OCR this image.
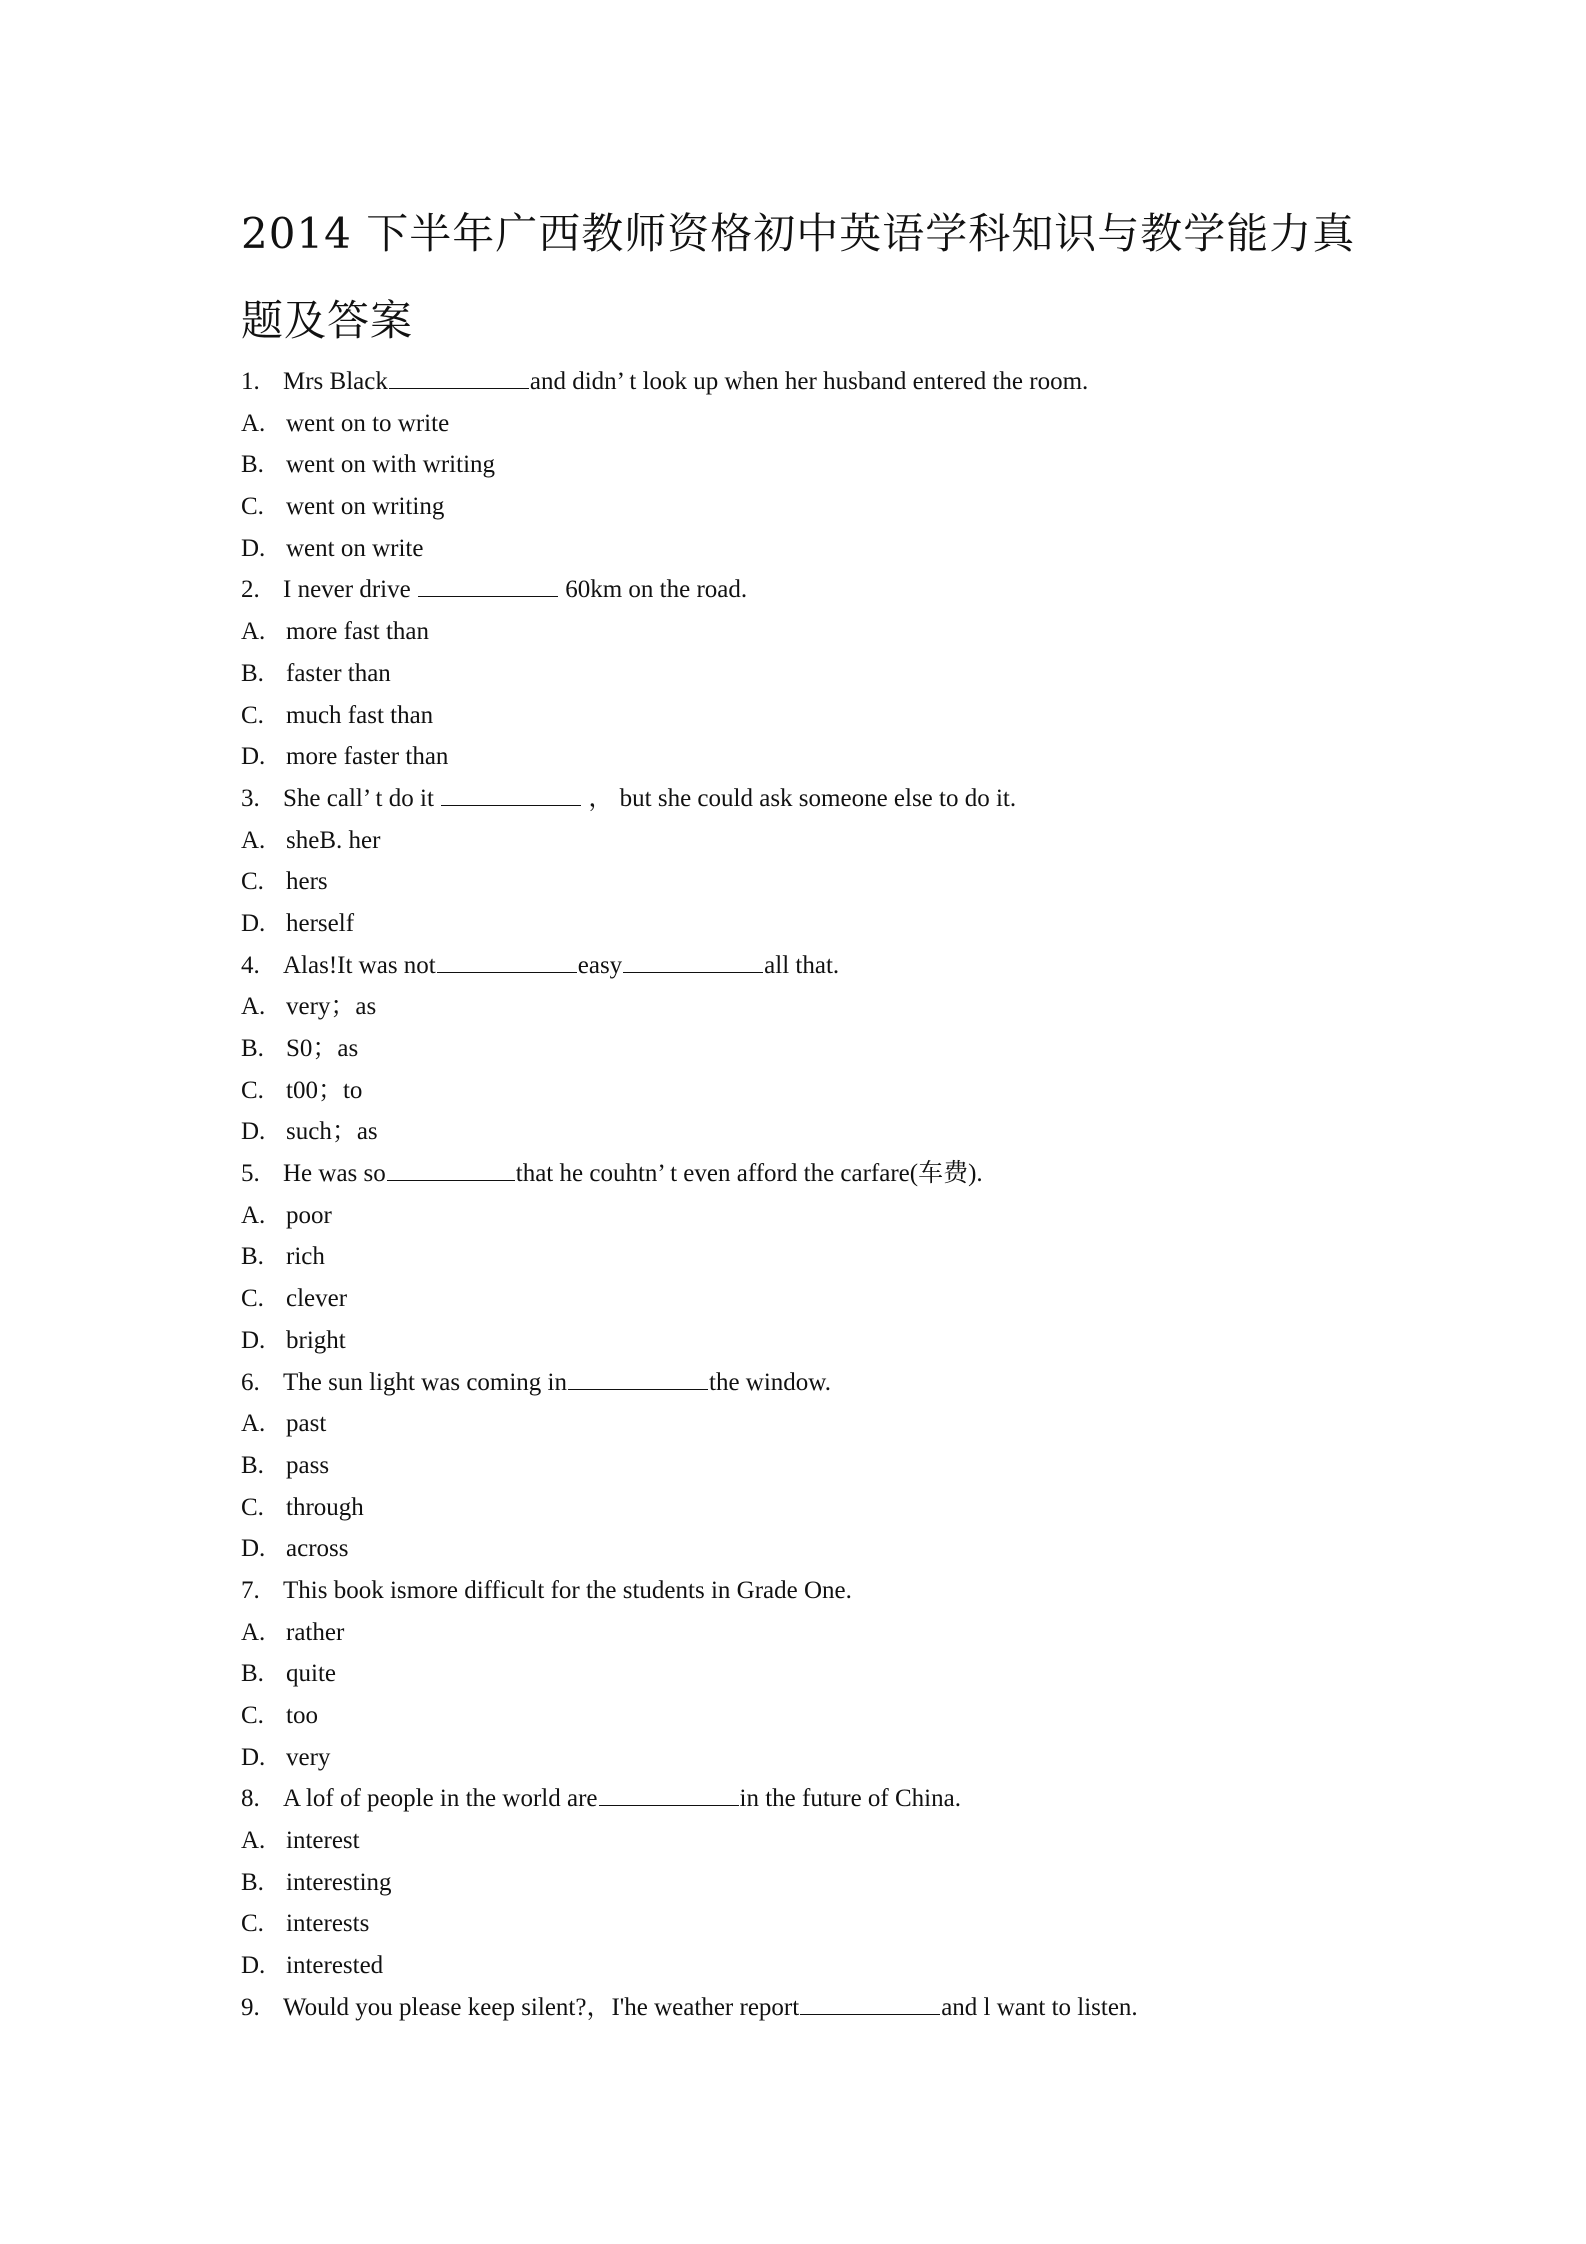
2014 下半年广西教师资格初中英语学科知识与教学能力真题及答案
1. Mrs Black	and didn’ t look up when her husband entered the room.
A. went on to write
B. went on with writing
C. went on writing
D. went on write
2. I never drive	60km on the road.
A. more fast than
B. faster than
C. much fast than
D. more faster than
3. She call’ t do it	， but she could ask someone else to do it.
A. sheB. her
C. hers
D. herself
4. Alas!It was not	easy	all that.
A. very；as
B. S0；as
C. t00；to
D. such；as
5. He was so	that he couhtn’ t even afford the carfare(车费).
A. poor
B. rich
C. clever
D. bright
6. The sun light was coming in	the window.
A. past
B. pass
C. through
D. across
7. This book ismore difficult for the students in Grade One.
A. rather
B. quite
C. too
D. very
8. A lof of people in the world are	in the future of China.
A. interest
B. interesting
C. interests
D. interested
9. Would you please keep silent?，I'he weather report	and l want to listen.
